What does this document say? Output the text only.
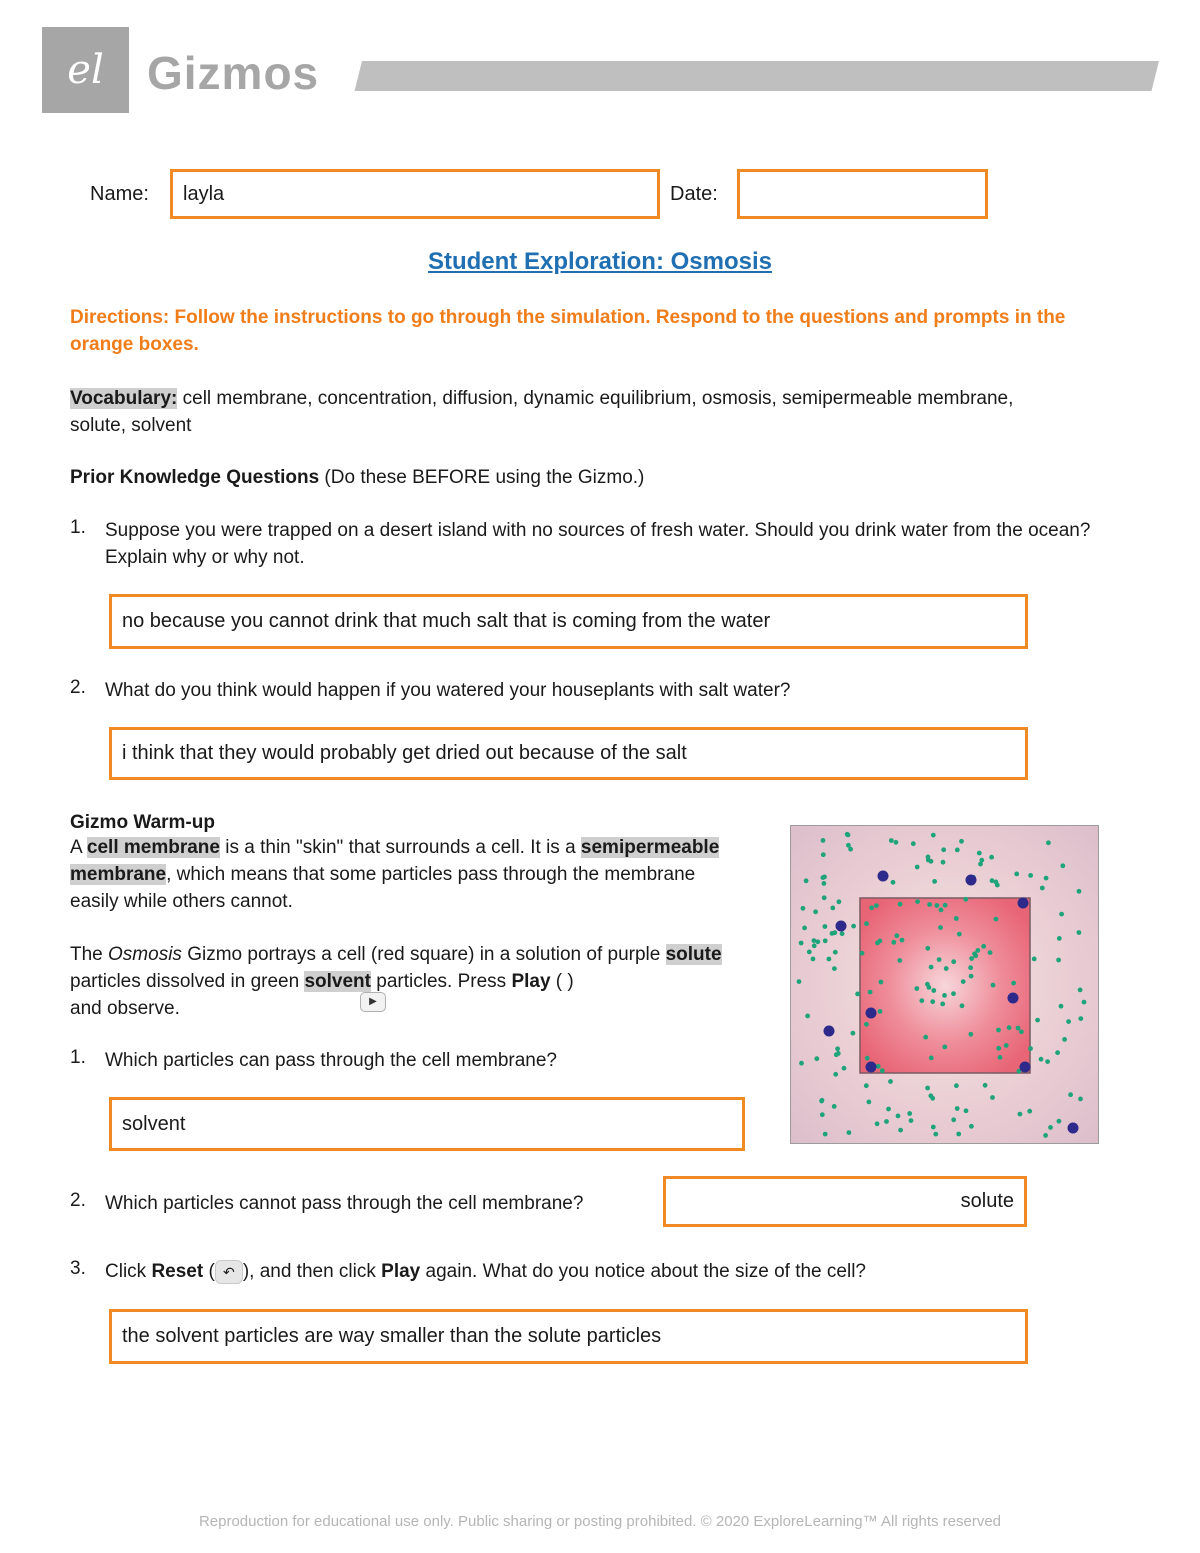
el Gizmos
Name:	layla	Date:
Student Exploration: Osmosis
Directions: Follow the instructions to go through the simulation. Respond to the questions and prompts in the orange boxes.
Vocabulary: cell membrane, concentration, diffusion, dynamic equilibrium, osmosis, semipermeable membrane, solute, solvent
Prior Knowledge Questions (Do these BEFORE using the Gizmo.)
1. Suppose you were trapped on a desert island with no sources of fresh water. Should you drink water from the ocean? Explain why or why not.
no because you cannot drink that much salt that is coming from the water
2. What do you think would happen if you watered your houseplants with salt water?
i think that they would probably get dried out because of the salt
Gizmo Warm-up
A cell membrane is a thin "skin" that surrounds a cell. It is a semipermeable membrane, which means that some particles pass through the membrane easily while others cannot.
The Osmosis Gizmo portrays a cell (red square) in a solution of purple solute particles dissolved in green solvent particles. Press Play ( )
and observe.	▶
1. Which particles can pass through the cell membrane?
solvent
2. Which particles cannot pass through the cell membrane?	solute
3. Click Reset ( ↶ ), and then click Play again. What do you notice about the size of the cell?
the solvent particles are way smaller than the solute particles
Reproduction for educational use only. Public sharing or posting prohibited. © 2020 ExploreLearning™ All rights reserved
